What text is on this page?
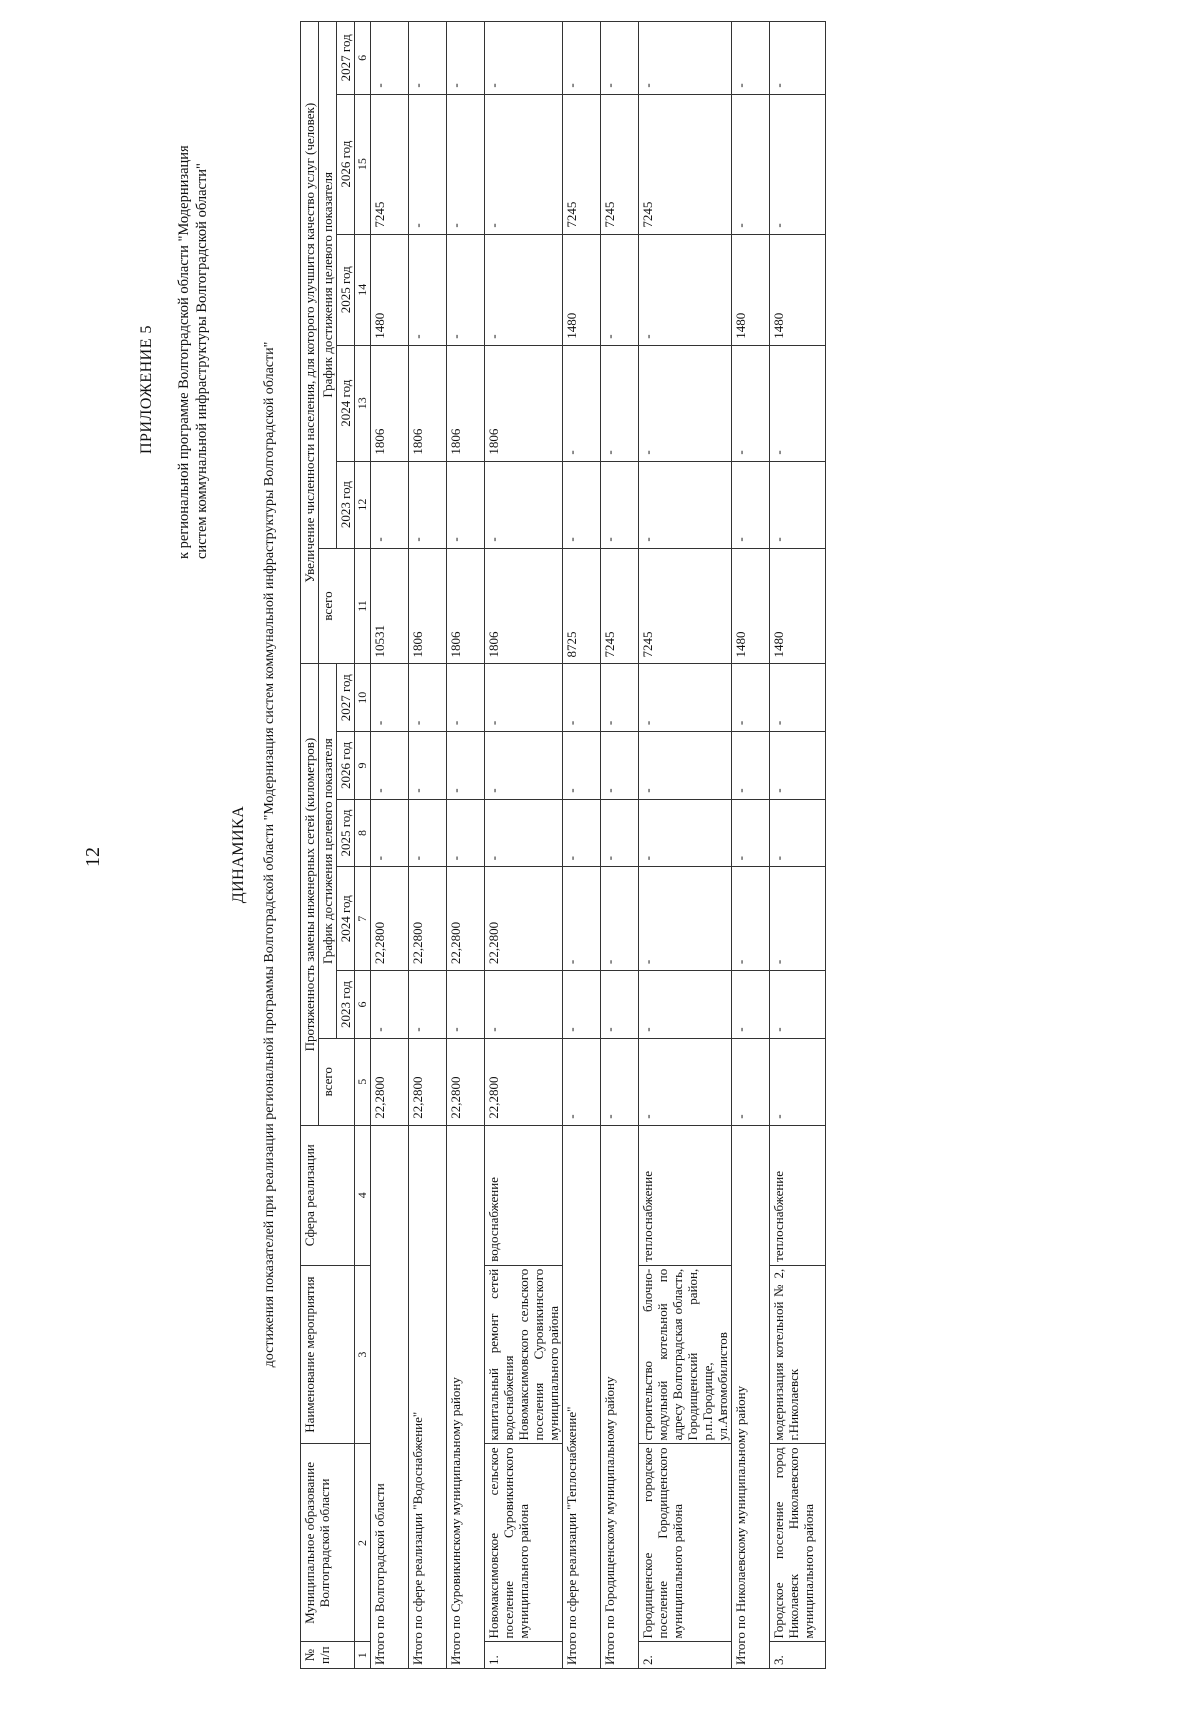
12
ПРИЛОЖЕНИЕ 5 к региональной программе Волгоградской области "Модернизация систем коммунальной инфраструктуры Волгоградской области"
ДИНАМИКА достижения показателей при реализации региональной программы Волгоградской области "Модернизация систем коммунальной инфраструктуры Волгоградской области"
№ п/п	Муниципальное образование Волгоградской области	Наименование мероприятия	Сфера реализации	Протяженность замены инженерных сетей (километров)						Увеличение численности населения, для которого улучшится качество услуг (человек)					
				всего	График достижения целевого показателя					всего	График достижения целевого показателя				
					2023 год	2024 год	2025 год	2026 год	2027 год		2023 год	2024 год	2025 год	2026 год	2027 год
1	2	3	4	5	6	7	8	9	10	11	12	13	14	15	6
Итого по Волгоградской области				22,2800	-	22,2800	-	-	-	10531	-	1806	1480	7245	-
Итого по сфере реализации "Водоснабжение"				22,2800	-	22,2800	-	-	-	1806	-	1806	-	-	-
Итого по Суровикинскому муниципальному району				22,2800	-	22,2800	-	-	-	1806	-	1806	-	-	-
1.	Новомаксимовское сельское поселение Суровикинского муниципального района	капитальный ремонт сетей водоснабжения Новомаксимовского сельского поселения Суровикинского муниципального района	водоснабжение	22,2800	-	22,2800	-	-	-	1806	-	1806	-	-	-
Итого по сфере реализации "Теплоснабжение"				-	-	-	-	-	-	8725	-	-	1480	7245	-
Итого по Городищенскому муниципальному району				-	-	-	-	-	-	7245	-	-	-	7245	-
2.	Городищенское городское поселение Городищенского муниципального района	строительство блочно-модульной котельной по адресу Волгоградская область, Городищенский район, р.п.Городище, ул.Автомобилистов	теплоснабжение	-	-	-	-	-	-	7245	-	-	-	7245	-
Итого по Николаевскому муниципальному району				-	-	-	-	-	-	1480	-	-	1480	-	-
3.	Городское поселение город Николаевск Николаевского муниципального района	модернизация котельной № 2, г.Николаевск	теплоснабжение	-	-	-	-	-	-	1480	-	-	1480	-	-
